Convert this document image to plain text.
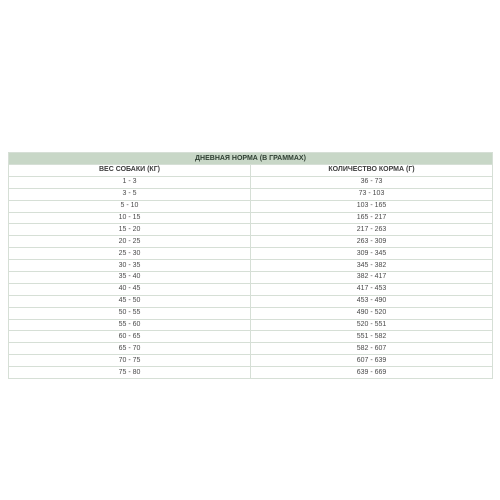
ДНЕВНАЯ НОРМА (В ГРАММАХ)	
ВЕС СОБАКИ (КГ)	КОЛИЧЕСТВО КОРМА (Г)
1 - 3	36 - 73
3 - 5	73 - 103
5 - 10	103 - 165
10 - 15	165 - 217
15 - 20	217 - 263
20 - 25	263 - 309
25 - 30	309 - 345
30 - 35	345 - 382
35 - 40	382 - 417
40 - 45	417 - 453
45 - 50	453 - 490
50 - 55	490 - 520
55 - 60	520 - 551
60 - 65	551 - 582
65 - 70	582 - 607
70 - 75	607 - 639
75 - 80	639 - 669
